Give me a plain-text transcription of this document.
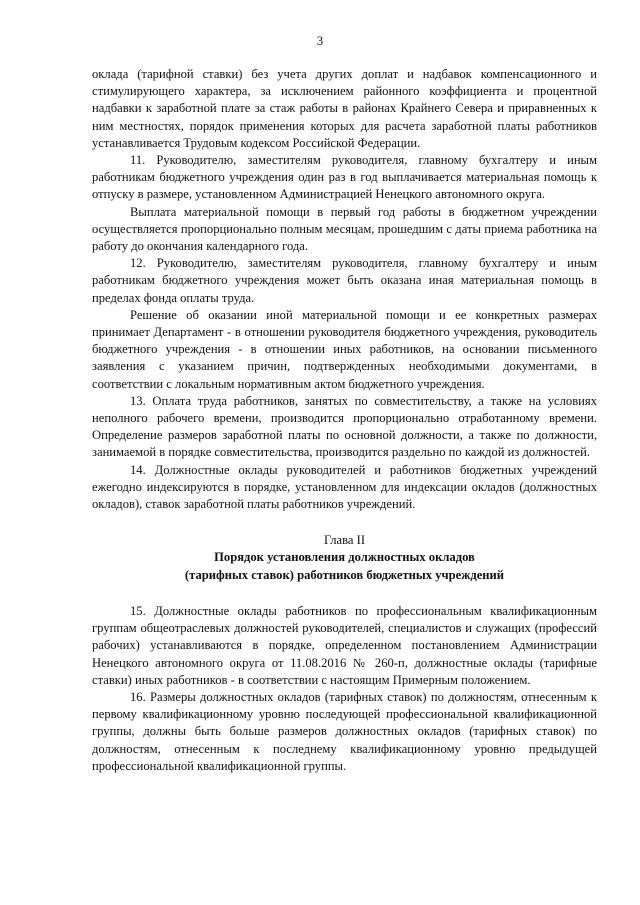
3

оклада (тарифной ставки) без учета других доплат и надбавок компенсационного и стимулирующего характера, за исключением районного коэффициента и процентной надбавки к заработной плате за стаж работы в районах Крайнего Севера и приравненных к ним местностях, порядок применения которых для расчета заработной платы работников устанавливается Трудовым кодексом Российской Федерации.

11. Руководителю, заместителям руководителя, главному бухгалтеру и иным работникам бюджетного учреждения один раз в год выплачивается материальная помощь к отпуску в размере, установленном Администрацией Ненецкого автономного округа.

Выплата материальной помощи в первый год работы в бюджетном учреждении осуществляется пропорционально полным месяцам, прошедшим с даты приема работника на работу до окончания календарного года.

12. Руководителю, заместителям руководителя, главному бухгалтеру и иным работникам бюджетного учреждения может быть оказана иная материальная помощь в пределах фонда оплаты труда.

Решение об оказании иной материальной помощи и ее конкретных размерах принимает Департамент - в отношении руководителя бюджетного учреждения, руководитель бюджетного учреждения - в отношении иных работников, на основании письменного заявления с указанием причин, подтвержденных необходимыми документами, в соответствии с локальным нормативным актом бюджетного учреждения.

13. Оплата труда работников, занятых по совместительству, а также на условиях неполного рабочего времени, производится пропорционально отработанному времени. Определение размеров заработной платы по основной должности, а также по должности, занимаемой в порядке совместительства, производится раздельно по каждой из должностей.

14. Должностные оклады руководителей и работников бюджетных учреждений ежегодно индексируются в порядке, установленном для индексации окладов (должностных окладов), ставок заработной платы работников учреждений.

Глава II

Порядок установления должностных окладов

(тарифных ставок) работников бюджетных учреждений

15. Должностные оклады работников по профессиональным квалификационным группам общеотраслевых должностей руководителей, специалистов и служащих (профессий рабочих) устанавливаются в порядке, определенном постановлением Администрации Ненецкого автономного округа от 11.08.2016 № 260-п, должностные оклады (тарифные ставки) иных работников - в соответствии с настоящим Примерным положением.

16. Размеры должностных окладов (тарифных ставок) по должностям, отнесенным к первому квалификационному уровню последующей профессиональной квалификационной группы, должны быть больше размеров должностных окладов (тарифных ставок) по должностям, отнесенным к последнему квалификационному уровню предыдущей профессиональной квалификационной группы.
